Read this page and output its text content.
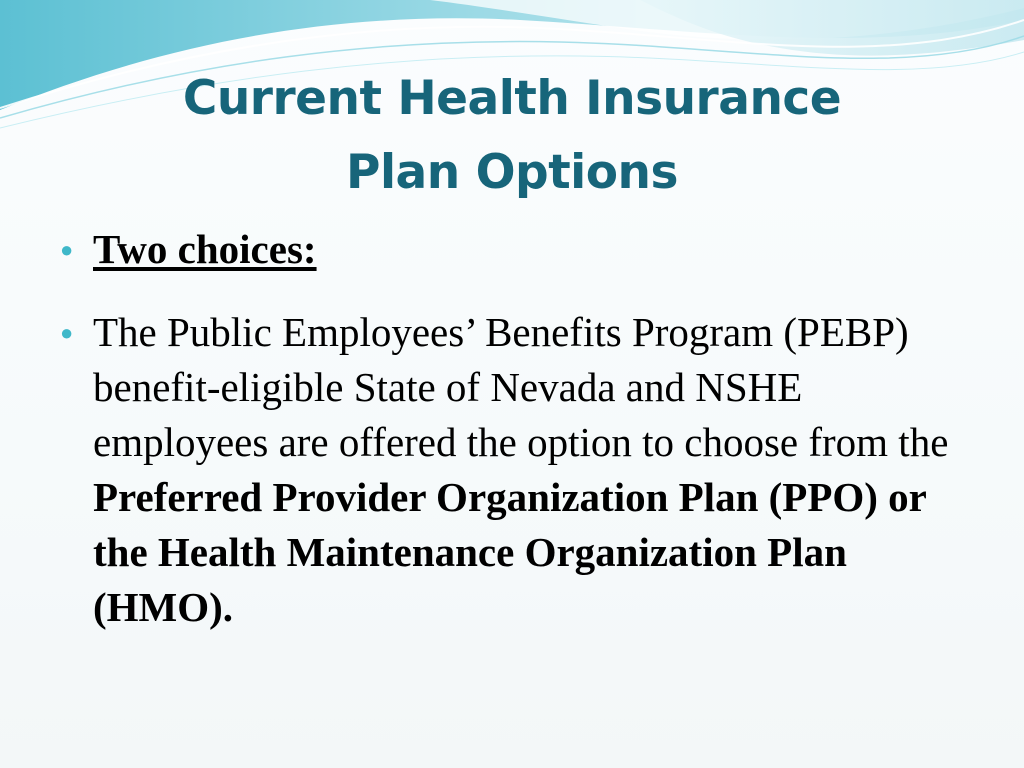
Current Health Insurance
Plan Options
● Two choices:
● The Public Employees’ Benefits Program (PEBP) benefit-eligible State of Nevada and NSHE employees are offered the option to choose from the Preferred Provider Organization Plan (PPO) or the Health Maintenance Organization Plan (HMO).
